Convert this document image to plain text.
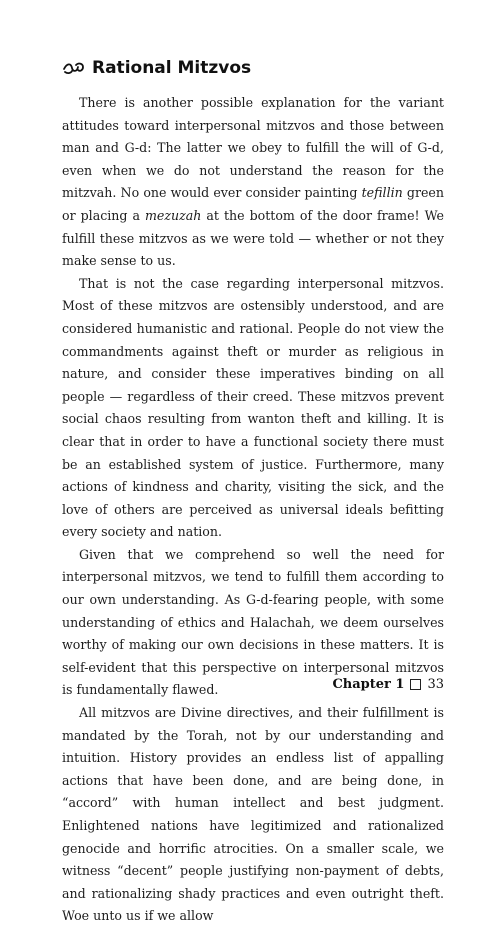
Rational Mitzvos

There is another possible explanation for the variant attitudes toward interpersonal mitzvos and those between man and G-d: The latter we obey to fulfill the will of G-d, even when we do not understand the reason for the mitzvah. No one would ever consider painting tefillin green or placing a mezuzah at the bottom of the door frame! We fulfill these mitzvos as we were told — whether or not they make sense to us.

That is not the case regarding interpersonal mitzvos. Most of these mitzvos are ostensibly understood, and are considered humanistic and rational. People do not view the commandments against theft or murder as religious in nature, and consider these imperatives binding on all people — regardless of their creed. These mitzvos prevent social chaos resulting from wanton theft and killing. It is clear that in order to have a functional society there must be an established system of justice. Furthermore, many actions of kindness and charity, visiting the sick, and the love of others are perceived as universal ideals befitting every society and nation.

Given that we comprehend so well the need for interpersonal mitzvos, we tend to fulfill them according to our own understanding. As G-d-fearing people, with some understanding of ethics and Halachah, we deem ourselves worthy of making our own decisions in these matters. It is self-evident that this perspective on interpersonal mitzvos is fundamentally flawed.

All mitzvos are Divine directives, and their fulfillment is mandated by the Torah, not by our understanding and intuition. History provides an endless list of appalling actions that have been done, and are being done, in “accord” with human intellect and best judgment. Enlightened nations have legitimized and rationalized genocide and horrific atrocities. On a smaller scale, we witness “decent” people justifying non-payment of debts, and rationalizing shady practices and even outright theft. Woe unto us if we allow

Chapter 1 33
